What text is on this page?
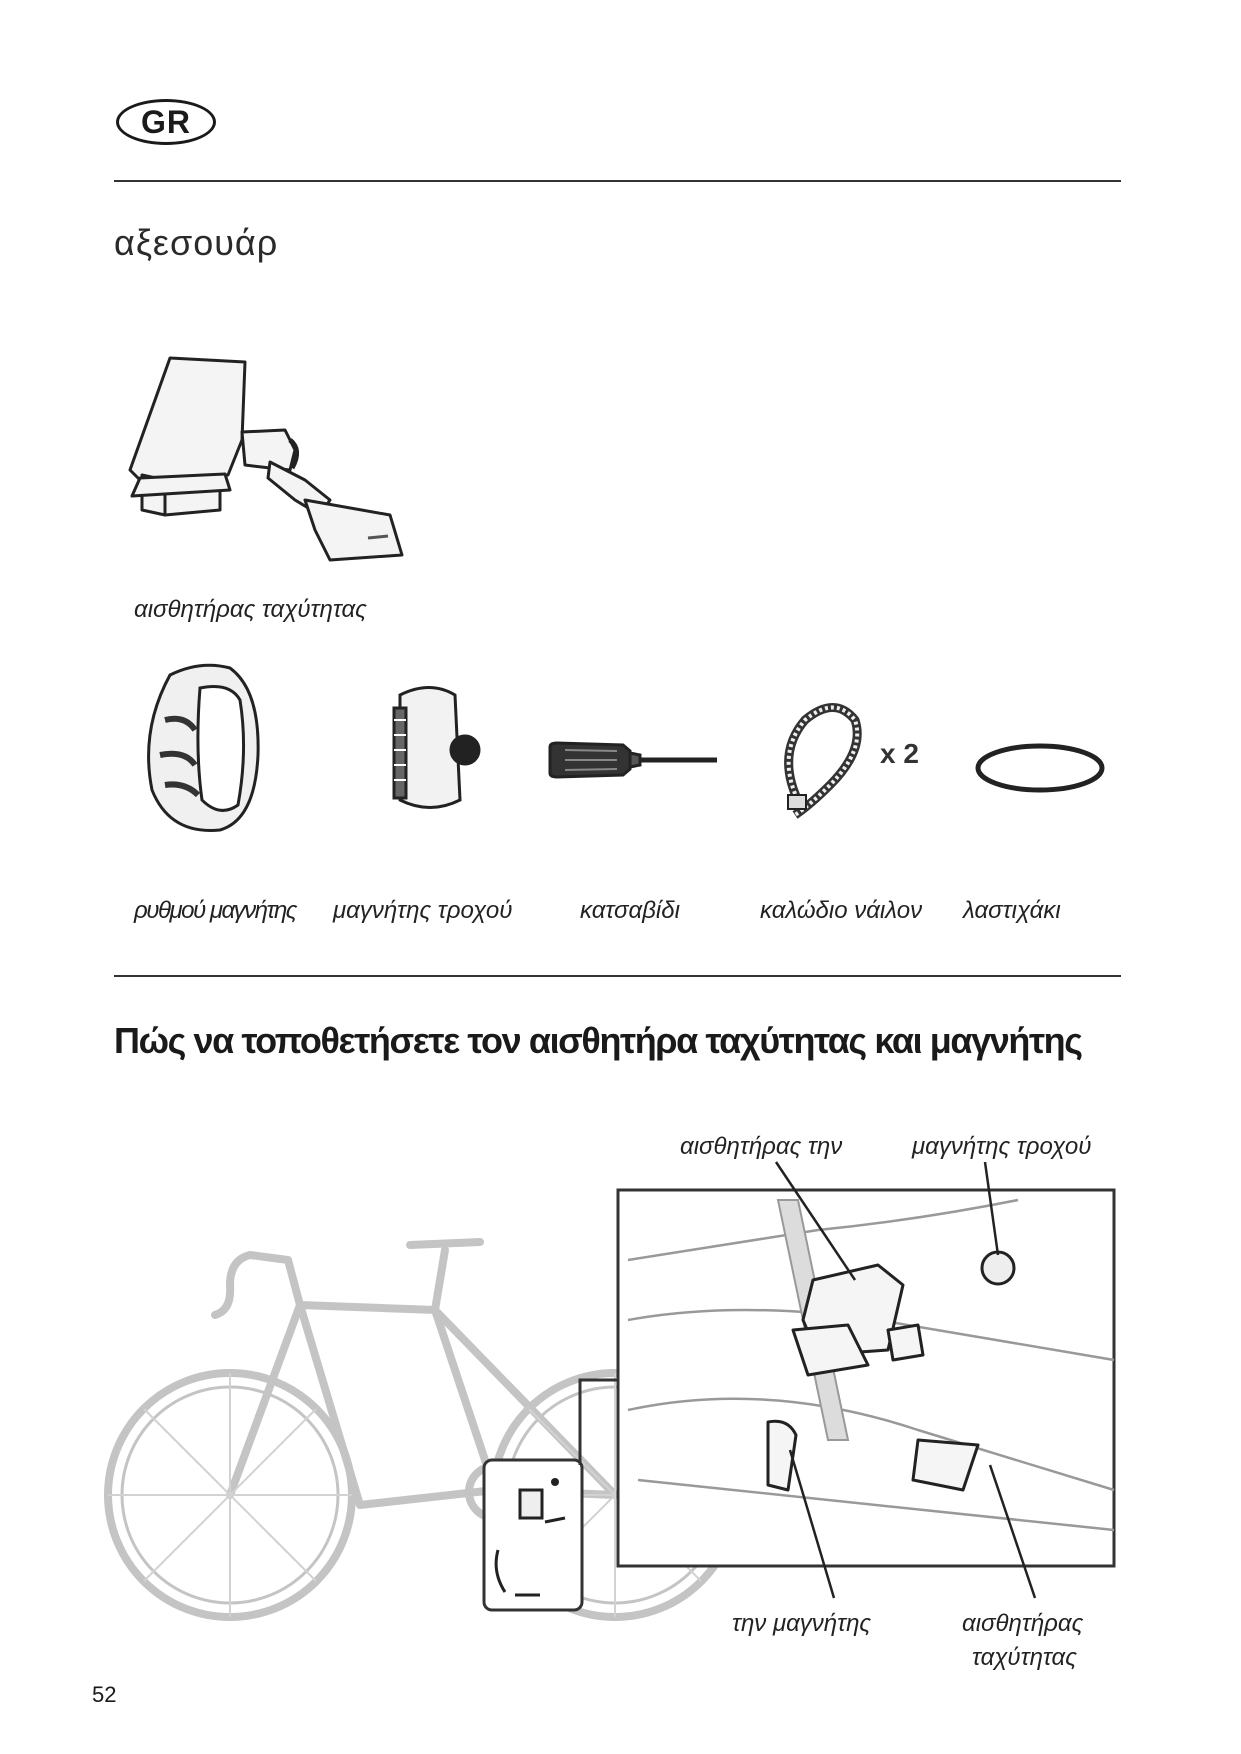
GR
αξεσουάρ
αισθητήρας ταχύτητας
x 2
ρυθμού μαγνήτης μαγνήτης τροχού	κατσαβίδι	καλώδιο νάιλον λαστιχάκι
Πώς να τοποθετήσετε τον αισθητήρα ταχύτητας και μαγνήτης
αισθητήρας την	μαγνήτης τροχού
την μαγνήτης	αισθητήρας
ταχύτητας
52
